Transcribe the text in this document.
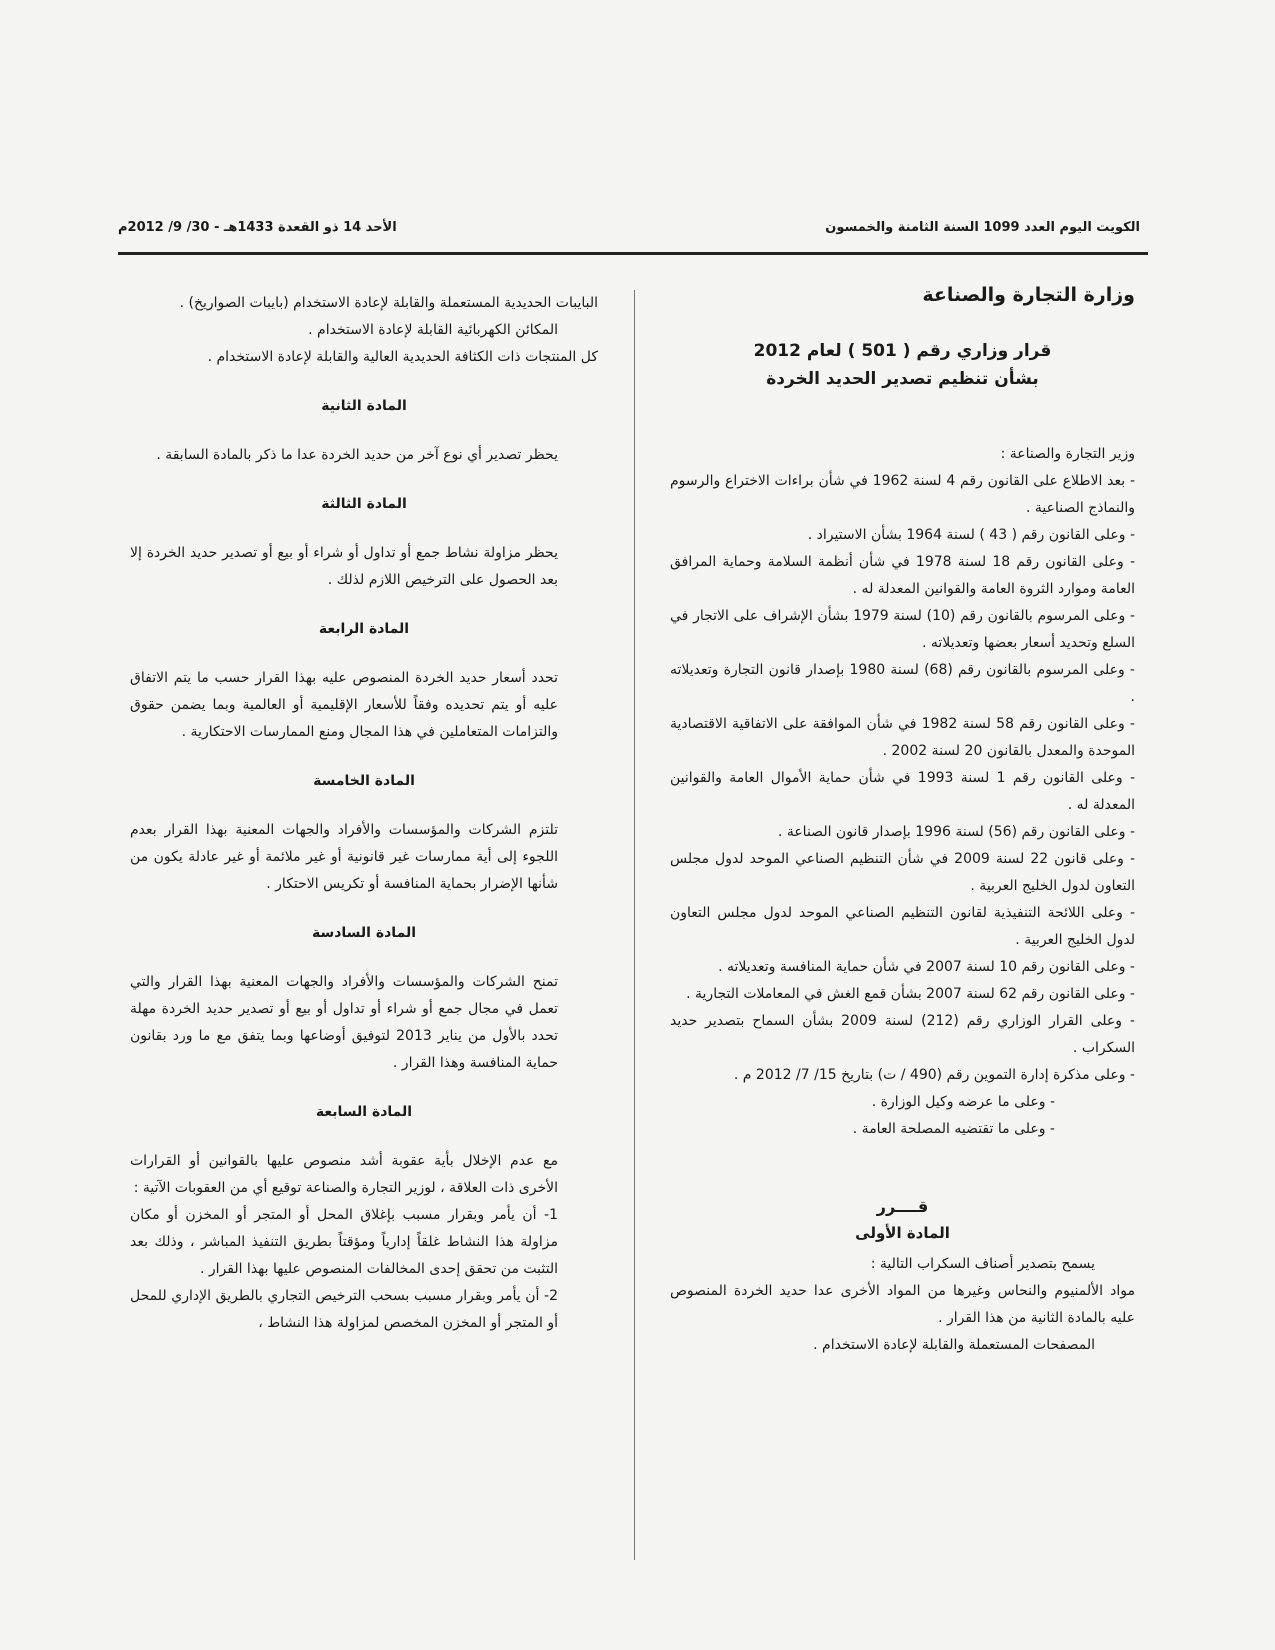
الكويت اليوم العدد 1099 السنة الثامنة والخمسون
الأحد 14 ذو القعدة 1433هـ - 30/ 9/ 2012م
وزارة التجارة والصناعة
قرار وزاري رقم ( 501 ) لعام 2012
بشأن تنظيم تصدير الحديد الخردة

وزير التجارة والصناعة :

- بعد الاطلاع على القانون رقم 4 لسنة 1962 في شأن براءات الاختراع والرسوم والنماذج الصناعية .

- وعلى القانون رقم ( 43 ) لسنة 1964 بشأن الاستيراد .

- وعلى القانون رقم 18 لسنة 1978 في شأن أنظمة السلامة وحماية المرافق العامة وموارد الثروة العامة والقوانين المعدلة له .

- وعلى المرسوم بالقانون رقم (10) لسنة 1979 بشأن الإشراف على الاتجار في السلع وتحديد أسعار بعضها وتعديلاته .

- وعلى المرسوم بالقانون رقم (68) لسنة 1980 بإصدار قانون التجارة وتعديلاته .

- وعلى القانون رقم 58 لسنة 1982 في شأن الموافقة على الاتفاقية الاقتصادية الموحدة والمعدل بالقانون 20 لسنة 2002 .

- وعلى القانون رقم 1 لسنة 1993 في شأن حماية الأموال العامة والقوانين المعدلة له .

- وعلى القانون رقم (56) لسنة 1996 بإصدار قانون الصناعة .

- وعلى قانون 22 لسنة 2009 في شأن التنظيم الصناعي الموحد لدول مجلس التعاون لدول الخليج العربية .

- وعلى اللائحة التنفيذية لقانون التنظيم الصناعي الموحد لدول مجلس التعاون لدول الخليج العربية .

- وعلى القانون رقم 10 لسنة 2007 في شأن حماية المنافسة وتعديلاته .

- وعلى القانون رقم 62 لسنة 2007 بشأن قمع الغش في المعاملات التجارية .

- وعلى القرار الوزاري رقم (212) لسنة 2009 بشأن السماح بتصدير حديد السكراب .

- وعلى مذكرة إدارة التموين رقم (490 / ت) بتاريخ 15/ 7/ 2012 م .

- وعلى ما عرضه وكيل الوزارة .

- وعلى ما تقتضيه المصلحة العامة .

قــــرر
المادة الأولى

يسمح بتصدير أصناف السكراب التالية :

مواد الألمنيوم والنحاس وغيرها من المواد الأخرى عدا حديد الخردة المنصوص عليه بالمادة الثانية من هذا القرار .

المصفحات المستعملة والقابلة لإعادة الاستخدام .

البايبات الحديدية المستعملة والقابلة لإعادة الاستخدام (بايبات الصواريخ) .

المكائن الكهربائية القابلة لإعادة الاستخدام .

كل المنتجات ذات الكثافة الحديدية العالية والقابلة لإعادة الاستخدام .

المادة الثانية

يحظر تصدير أي نوع آخر من حديد الخردة عدا ما ذكر بالمادة السابقة .

المادة الثالثة

يحظر مزاولة نشاط جمع أو تداول أو شراء أو بيع أو تصدير حديد الخردة إلا بعد الحصول على الترخيص اللازم لذلك .

المادة الرابعة

تحدد أسعار حديد الخردة المنصوص عليه بهذا القرار حسب ما يتم الاتفاق عليه أو يتم تحديده وفقاً للأسعار الإقليمية أو العالمية وبما يضمن حقوق والتزامات المتعاملين في هذا المجال ومنع الممارسات الاحتكارية .

المادة الخامسة

تلتزم الشركات والمؤسسات والأفراد والجهات المعنية بهذا القرار بعدم اللجوء إلى أية ممارسات غير قانونية أو غير ملائمة أو غير عادلة يكون من شأنها الإضرار بحماية المنافسة أو تكريس الاحتكار .

المادة السادسة

تمنح الشركات والمؤسسات والأفراد والجهات المعنية بهذا القرار والتي تعمل في مجال جمع أو شراء أو تداول أو بيع أو تصدير حديد الخردة مهلة تحدد بالأول من يناير 2013 لتوفيق أوضاعها وبما يتفق مع ما ورد بقانون حماية المنافسة وهذا القرار .

المادة السابعة

مع عدم الإخلال بأية عقوبة أشد منصوص عليها بالقوانين أو القرارات الأخرى ذات العلاقة ، لوزير التجارة والصناعة توقيع أي من العقوبات الآتية :

1- أن يأمر وبقرار مسبب بإغلاق المحل أو المتجر أو المخزن أو مكان مزاولة هذا النشاط غلقاً إدارياً ومؤقتاً بطريق التنفيذ المباشر ، وذلك بعد التثبت من تحقق إحدى المخالفات المنصوص عليها بهذا القرار .

2- أن يأمر وبقرار مسبب بسحب الترخيص التجاري بالطريق الإداري للمحل أو المتجر أو المخزن المخصص لمزاولة هذا النشاط ،
